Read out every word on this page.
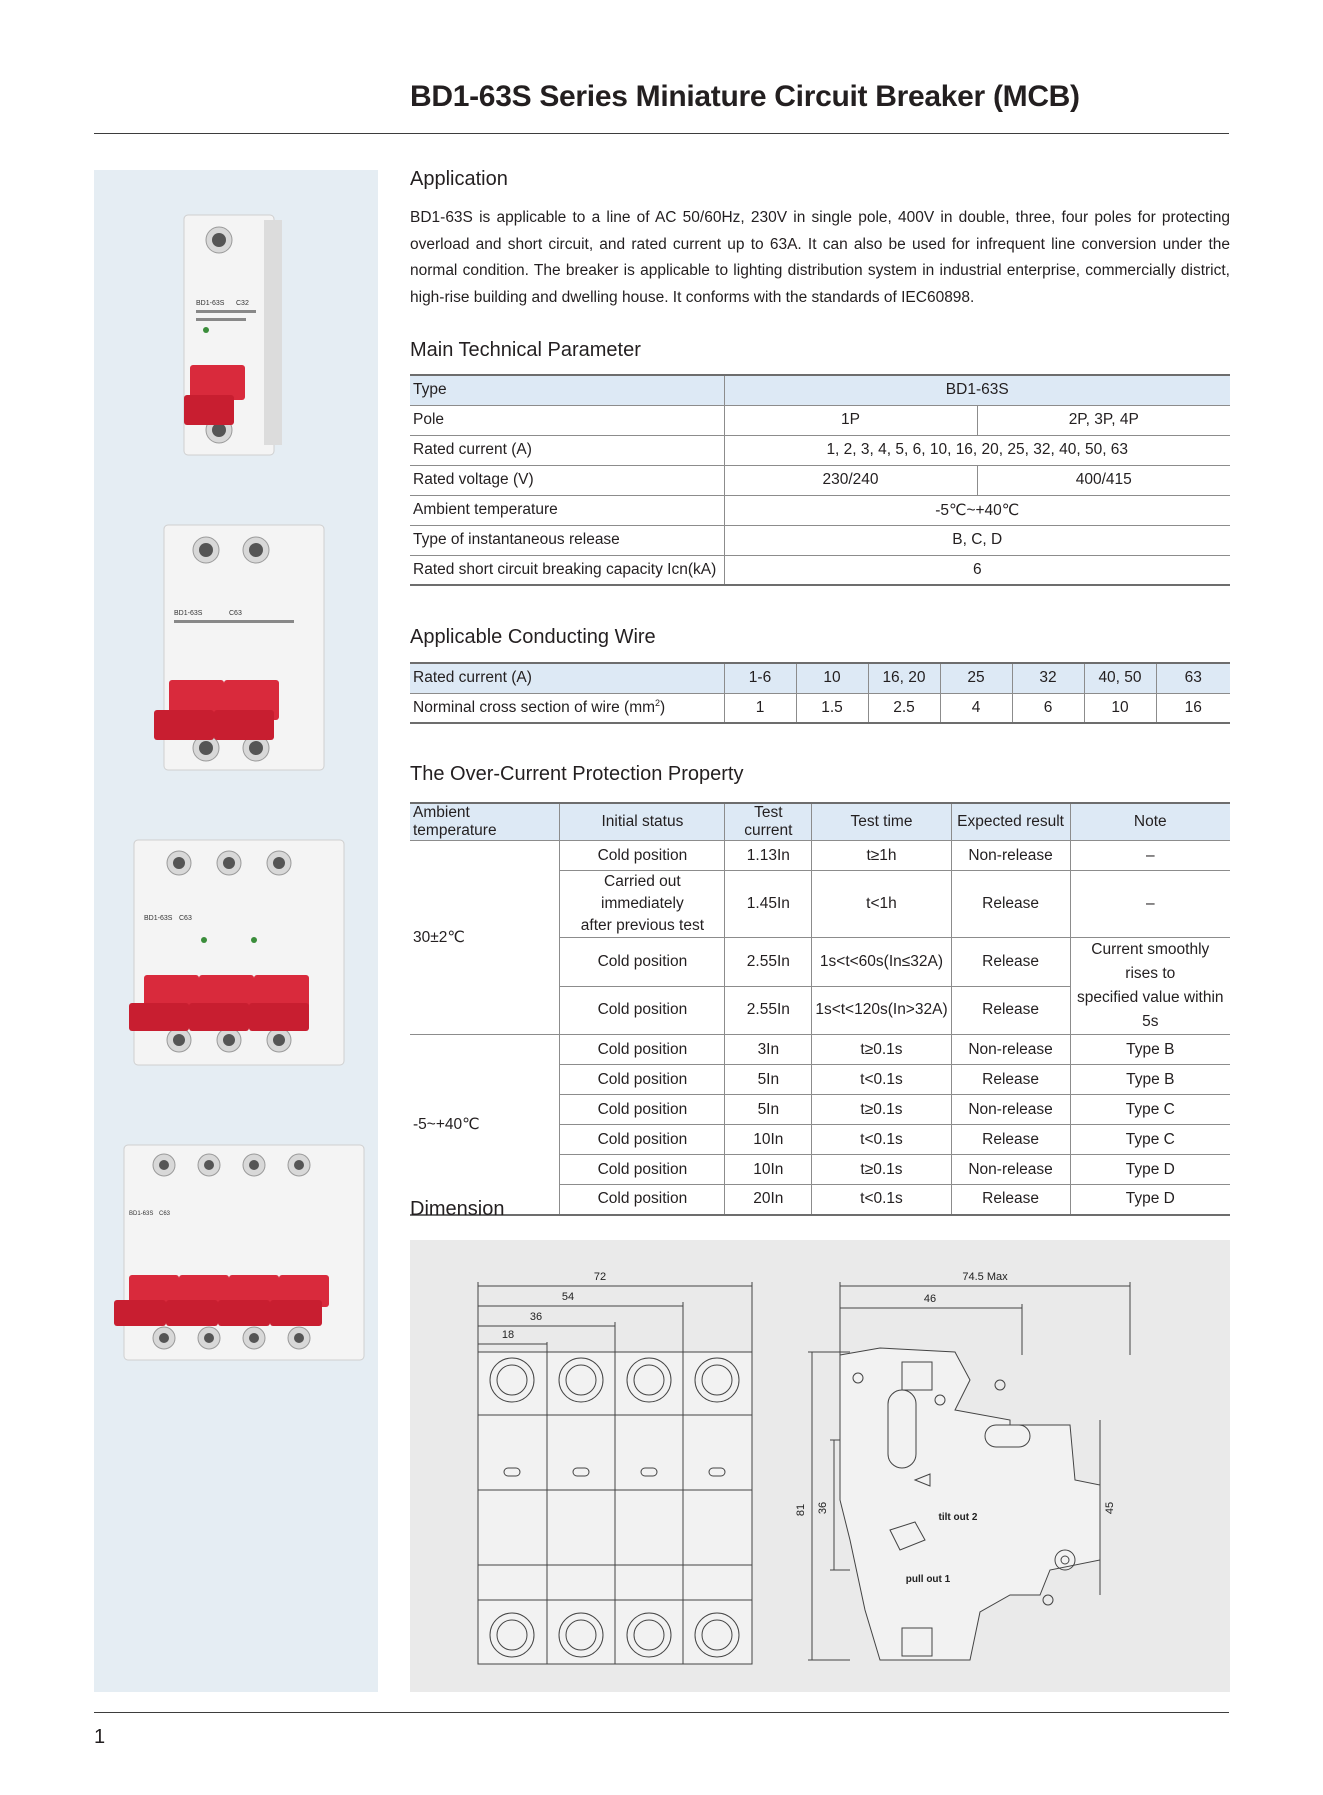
BD1-63S Series Miniature Circuit Breaker (MCB)
BD1-63S C32
BD1-63S	C63
BD1-63S C63
BD1-63S C63
Application

BD1-63S is applicable to a line of AC 50/60Hz, 230V in single pole, 400V in double, three, four poles for protecting overload and short circuit, and rated current up to 63A. It can also be used for infrequent line conversion under the normal condition. The breaker is applicable to lighting distribution system in industrial enterprise, commercially district, high-rise building and dwelling house. It conforms with the standards of IEC60898.

Main Technical Parameter
Type	BD1-63S	
Pole	1P	2P, 3P, 4P
Rated current (A)	1, 2, 3, 4, 5, 6, 10, 16, 20, 25, 32, 40, 50, 63	
Rated voltage (V)	230/240	400/415
Ambient temperature	-5℃~+40℃	
Type of instantaneous release	B, C, D	
Rated short circuit breaking capacity Icn(kA)	6	
Applicable Conducting Wire
Rated current (A)	1-6	10	16, 20	25	32	40, 50	63
Norminal cross section of wire $(mm^2)$	1	1.5	2.5	4	6	10	16
The Over-Current Protection Property
Ambient temperature	Initial status	Test current	Test time	Expected result	Note
30±2℃	Cold position	1.13In	t≥1h	Non-release	–

	Carried out immediately
after previous test	1.45In	t<1h	Release	–
	Cold position	2.55In	1s<t<60s(In≤32A)	Release	Current smoothly rises to
specified value within 5s

	Cold position	2.55In	1s<t<120s(In>32A)	Release	
-5~+40℃	Cold position	3In	t≥0.1s	Non-release	Type B
	Cold position	5In	t<0.1s	Release	Type B
	Cold position	5In	t≥0.1s	Non-release	Type C
	Cold position	10In	t<0.1s	Release	Type C
	Cold position	10In	t≥0.1s	Non-release	Type D
	Cold position	20In	t<0.1s	Release	Type D
Dimension
72
54
36
18
74.5 Max
46
81 36	45
tilt out 2
pull out 1
1
